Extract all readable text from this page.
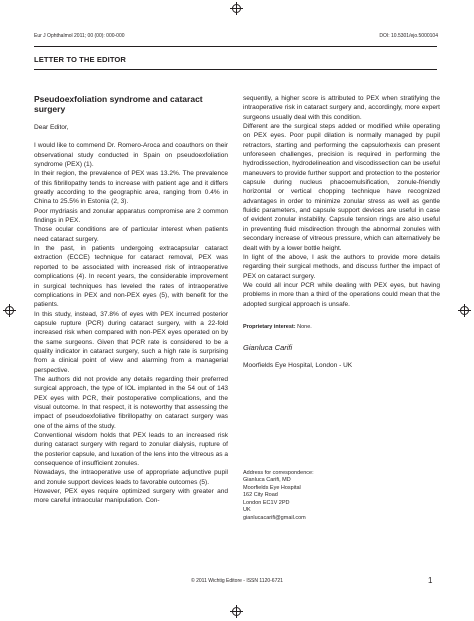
Eur J Ophthalmol 2011; 00 (00): 000-000	DOI: 10.5301/ejo.5000104
LETTER TO THE EDITOR

Pseudoexfoliation syndrome and cataract surgery

Dear Editor,

I would like to commend Dr. Romero-Aroca and coauthors on their observational study conducted in Spain on pseudoexfoliation syndrome (PEX) (1).

In their region, the prevalence of PEX was 13.2%. The prevalence of this fibrillopathy tends to increase with patient age and it differs greatly according to the geographic area, ranging from 0.4% in China to 25.5% in Estonia (2, 3).

Poor mydriasis and zonular apparatus compromise are 2 common findings in PEX.

Those ocular conditions are of particular interest when patients need cataract surgery.

In the past, in patients undergoing extracapsular cataract extraction (ECCE) technique for cataract removal, PEX was reported to be associated with increased risk of intraoperative complications (4). In recent years, the considerable improvement in surgical techniques has leveled the rates of intraoperative complications in PEX and non-PEX eyes (5), with benefit for the patients.

In this study, instead, 37.8% of eyes with PEX incurred posterior capsule rupture (PCR) during cataract surgery, with a 22-fold increased risk when compared with non-PEX eyes operated on by the same surgeons. Given that PCR rate is considered to be a quality indicator in cataract surgery, such a high rate is surprising from a clinical point of view and alarming from a managerial perspective.

The authors did not provide any details regarding their preferred surgical approach, the type of IOL implanted in the 54 out of 143 PEX eyes with PCR, their postoperative complications, and the visual outcome. In that respect, it is noteworthy that assessing the impact of pseudoexfoliative fibrillopathy on cataract surgery was one of the aims of the study.

Conventional wisdom holds that PEX leads to an increased risk during cataract surgery with regard to zonular dialysis, rupture of the posterior capsule, and luxation of the lens into the vitreous as a consequence of insufficient zonules.

Nowadays, the intraoperative use of appropriate adjunctive pupil and zonule support devices leads to favorable outcomes (5).

However, PEX eyes require optimized surgery with greater and more careful intraocular manipulation. Con-

sequently, a higher score is attributed to PEX when stratifying the intraoperative risk in cataract surgery and, accordingly, more expert surgeons usually deal with this condition.

Different are the surgical steps added or modified while operating on PEX eyes. Poor pupil dilation is normally managed by pupil retractors, starting and performing the capsulorhexis can present unforeseen challenges, precision is required in performing the hydrodissection, hydrodelineation and viscodissection can be useful maneuvers to provide further support and protection to the posterior capsule during nucleus phacoemulsification, zonule-friendly horizontal or vertical chopping technique have recognized advantages in order to minimize zonular stress as well as gentle fluidic parameters, and capsule support devices are useful in case of evident zonular instability. Capsule tension rings are also useful in preventing fluid misdirection through the abnormal zonules with secondary increase of vitreous pressure, which can alternatively be dealt with by a lower bottle height.

In light of the above, I ask the authors to provide more details regarding their surgical methods, and discuss further the impact of PEX on cataract surgery.

We could all incur PCR while dealing with PEX eyes, but having problems in more than a third of the operations could mean that the adopted surgical approach is unsafe.

Proprietary interest: None.

Gianluca Carifi

Moorfields Eye Hospital, London - UK

Address for correspondence:
Gianluca Carifi, MD
Moorfields Eye Hospital
162 City Road
London EC1V 2PD
UK
gianlucacarifi@gmail.com
© 2011 Wichtig Editore - ISSN 1120-6721	1
